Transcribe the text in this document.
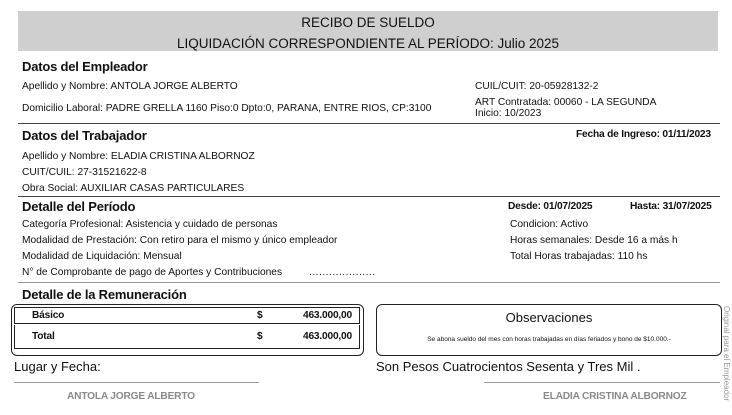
RECIBO DE SUELDO
LIQUIDACIÓN CORRESPONDIENTE AL PERÍODO: Julio 2025
Datos del Empleador
Apellido y Nombre: ANTOLA JORGE ALBERTO	CUIL/CUIT: 20-05928132-2
Domicilio Laboral: PADRE GRELLA 1160 Piso:0 Dpto:0, PARANA, ENTRE RIOS, CP:3100
ART Contratada: 00060 - LA SEGUNDA
Inicio: 10/2023
Datos del Trabajador	Fecha de Ingreso: 01/11/2023
Apellido y Nombre: ELADIA CRISTINA ALBORNOZ
CUIT/CUIL: 27-31521622-8
Obra Social: AUXILIAR CASAS PARTICULARES
Detalle del Período	Desde: 01/07/2025	Hasta: 31/07/2025
Categoría Profesional: Asistencia y cuidado de personas	Condicion: Activo
Modalidad de Prestación: Con retiro para el mismo y único empleador	Horas semanales: Desde 16 a más h
Modalidad de Liquidación: Mensual	Total Horas trabajadas: 110 hs
N° de Comprobante de pago de Aportes y Contribuciones	....................
Detalle de la Remuneración
Básico	$	463.000,00
Total	$	463.000,00
Observaciones
Se abona sueldo del mes con horas trabajadas en días feriados y bono de $10.000.-
Lugar y Fecha:	Son Pesos Cuatrocientos Sesenta y Tres Mil .
ANTOLA JORGE ALBERTO	ELADIA CRISTINA ALBORNOZ	Original para el Empleador
